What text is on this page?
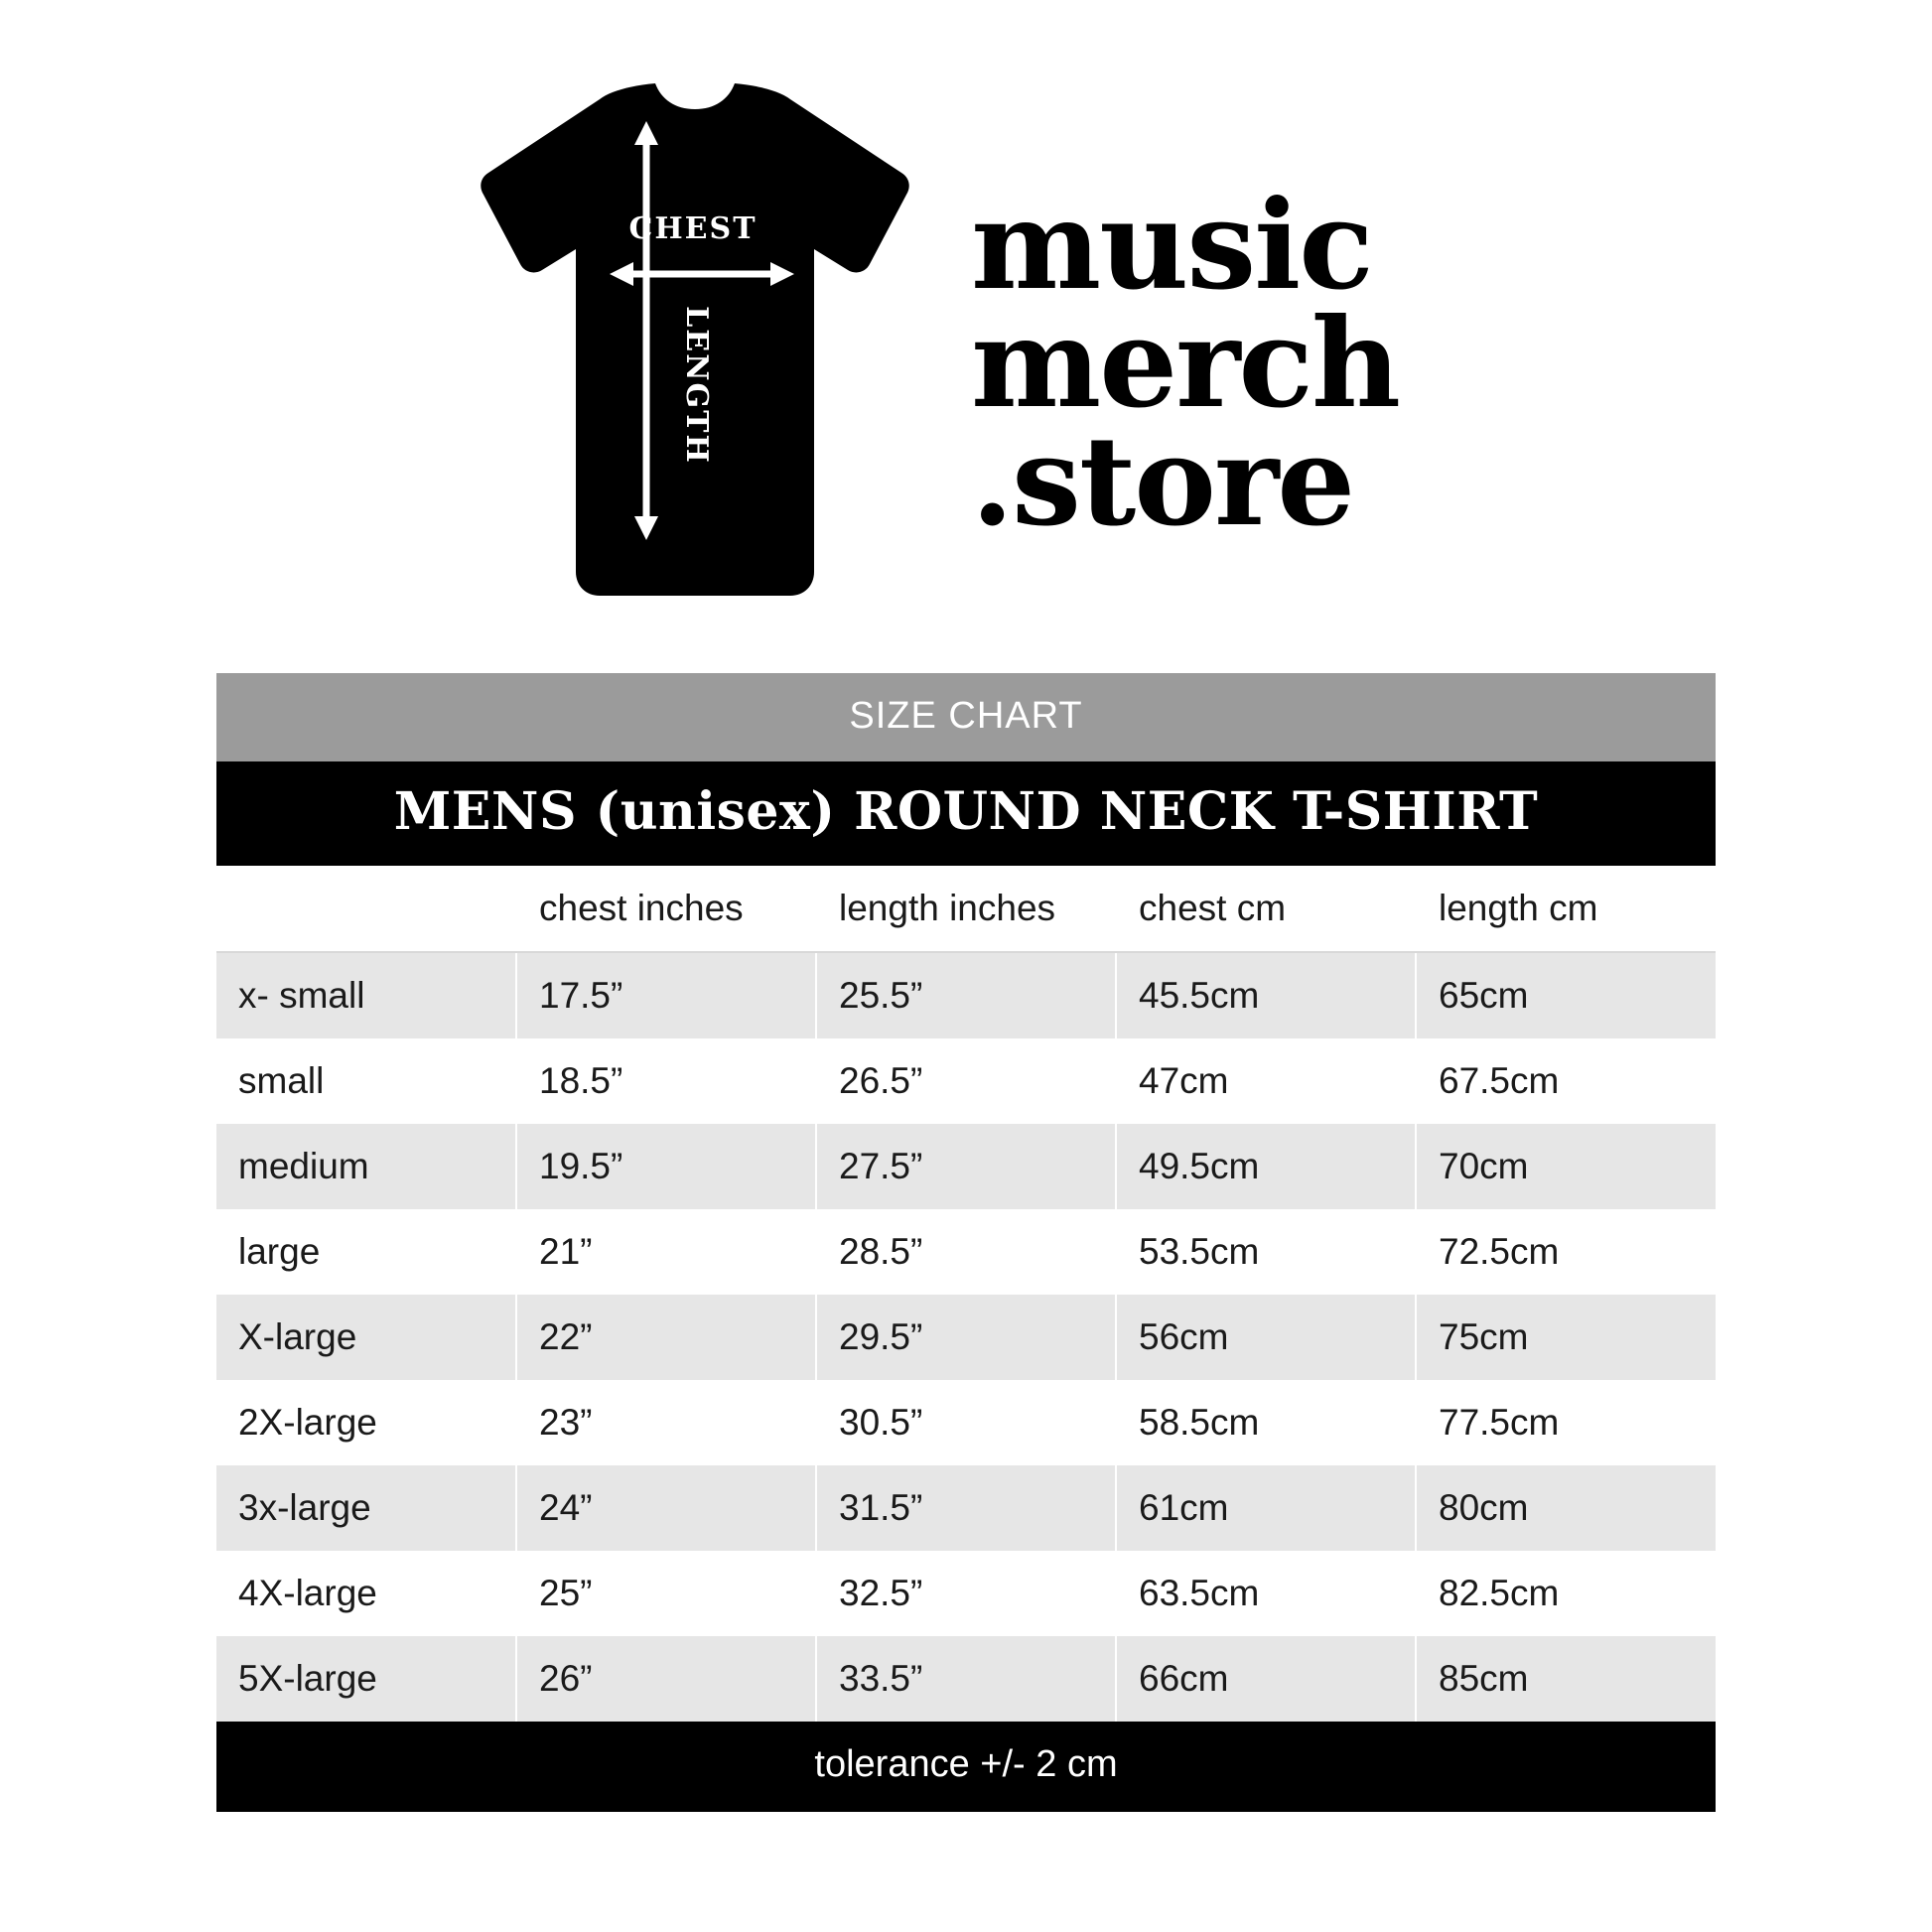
CHEST
LENGTH
music
merch
.store
SIZE CHART
MENS (unisex) ROUND NECK T-SHIRT
	chest inches	length inches	chest cm	length cm
x- small	17.5”	25.5”	45.5cm	65cm
small	18.5”	26.5”	47cm	67.5cm
medium	19.5”	27.5”	49.5cm	70cm
large	21”	28.5”	53.5cm	72.5cm
X-large	22”	29.5”	56cm	75cm
2X-large	23”	30.5”	58.5cm	77.5cm
3x-large	24”	31.5”	61cm	80cm
4X-large	25”	32.5”	63.5cm	82.5cm
5X-large	26”	33.5”	66cm	85cm
tolerance +/- 2 cm
